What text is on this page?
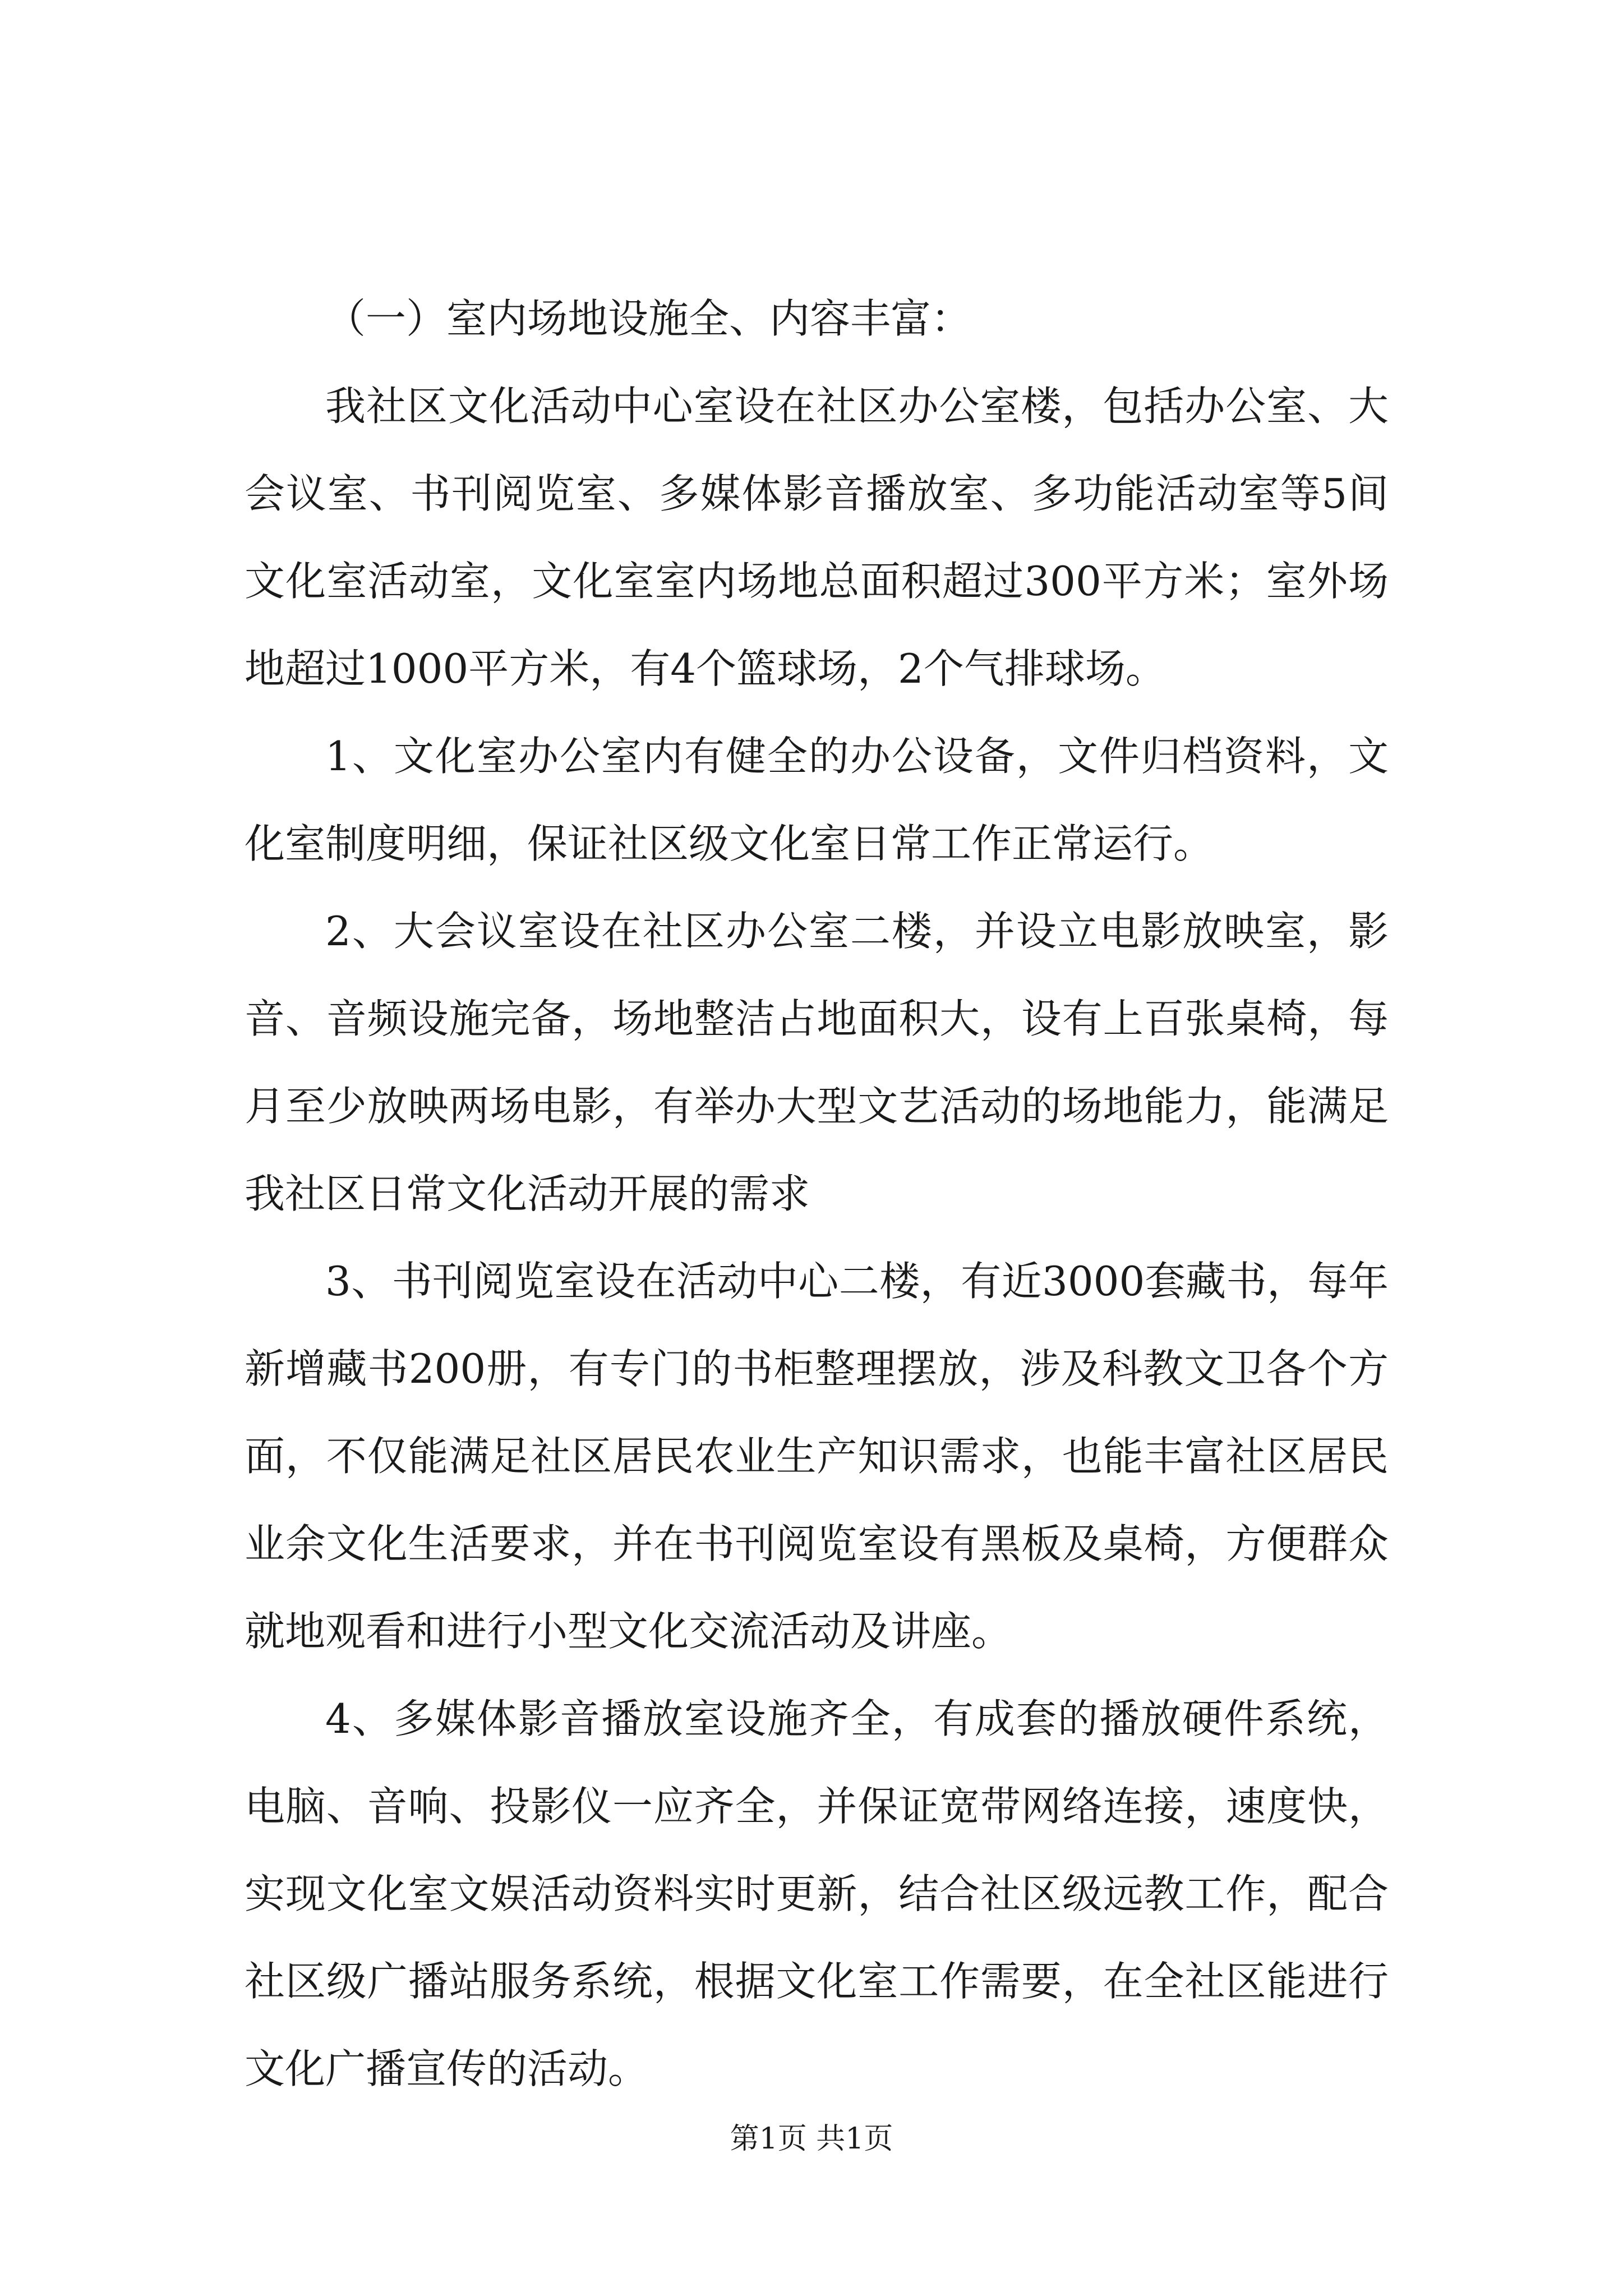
（一）室内场地设施全、内容丰富：

我社区文化活动中心室设在社区办公室楼，包括办公室、大会议室、书刊阅览室、多媒体影音播放室、多功能活动室等5间文化室活动室，文化室室内场地总面积超过300平方米；室外场地超过1000平方米，有4个篮球场，2个气排球场。

1、文化室办公室内有健全的办公设备，文件归档资料，文化室制度明细，保证社区级文化室日常工作正常运行。

2、大会议室设在社区办公室二楼，并设立电影放映室，影音、音频设施完备，场地整洁占地面积大，设有上百张桌椅，每月至少放映两场电影，有举办大型文艺活动的场地能力，能满足我社区日常文化活动开展的需求

3、书刊阅览室设在活动中心二楼，有近3000套藏书，每年新增藏书200册，有专门的书柜整理摆放，涉及科教文卫各个方面，不仅能满足社区居民农业生产知识需求，也能丰富社区居民业余文化生活要求，并在书刊阅览室设有黑板及桌椅，方便群众就地观看和进行小型文化交流活动及讲座。

4、多媒体影音播放室设施齐全，有成套的播放硬件系统，电脑、音响、投影仪一应齐全，并保证宽带网络连接，速度快，实现文化室文娱活动资料实时更新，结合社区级远教工作，配合社区级广播站服务系统，根据文化室工作需要，在全社区能进行文化广播宣传的活动。

第1页 共1页
